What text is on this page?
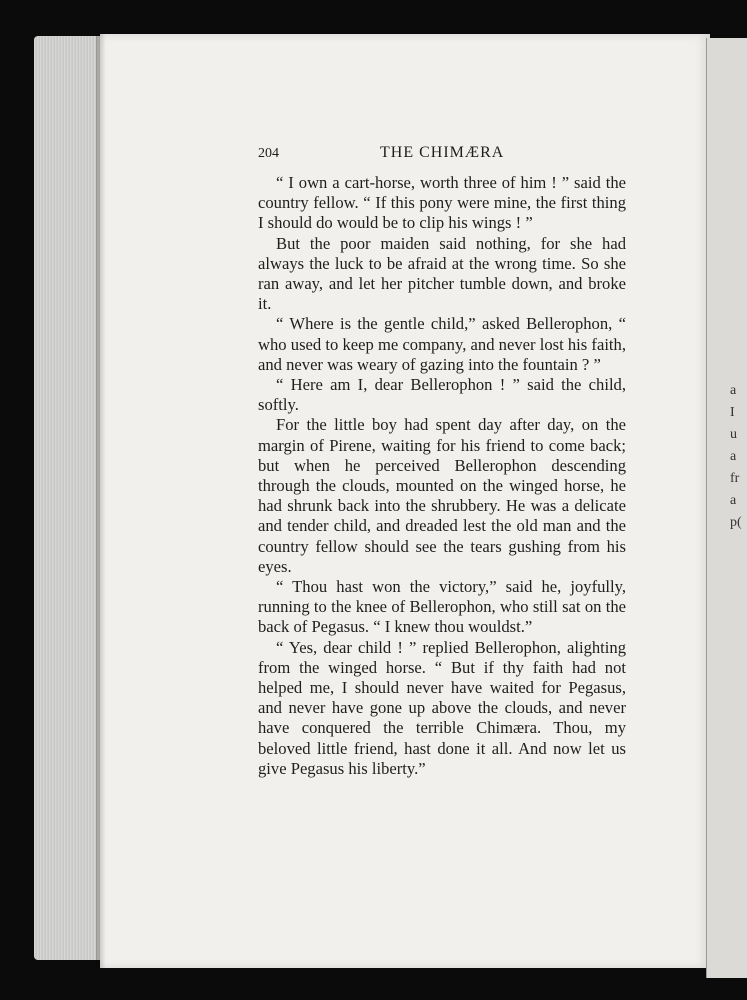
a
I
u
a
fr
a
p(
204	THE CHIMÆRA

“ I own a cart-horse, worth three of him ! ” said the country fellow. “ If this pony were mine, the first thing I should do would be to clip his wings ! ”

But the poor maiden said nothing, for she had always the luck to be afraid at the wrong time. So she ran away, and let her pitcher tumble down, and broke it.

“ Where is the gentle child,” asked Bellerophon, “ who used to keep me company, and never lost his faith, and never was weary of gazing into the fountain ? ”

“ Here am I, dear Bellerophon ! ” said the child, softly.

For the little boy had spent day after day, on the margin of Pirene, waiting for his friend to come back; but when he perceived Bellerophon descending through the clouds, mounted on the winged horse, he had shrunk back into the shrubbery. He was a delicate and tender child, and dreaded lest the old man and the country fellow should see the tears gushing from his eyes.

“ Thou hast won the victory,” said he, joyfully, running to the knee of Bellerophon, who still sat on the back of Pegasus. “ I knew thou wouldst.”

“ Yes, dear child ! ” replied Bellerophon, alighting from the winged horse. “ But if thy faith had not helped me, I should never have waited for Pegasus, and never have gone up above the clouds, and never have conquered the terrible Chimæra. Thou, my beloved little friend, hast done it all. And now let us give Pegasus his liberty.”
